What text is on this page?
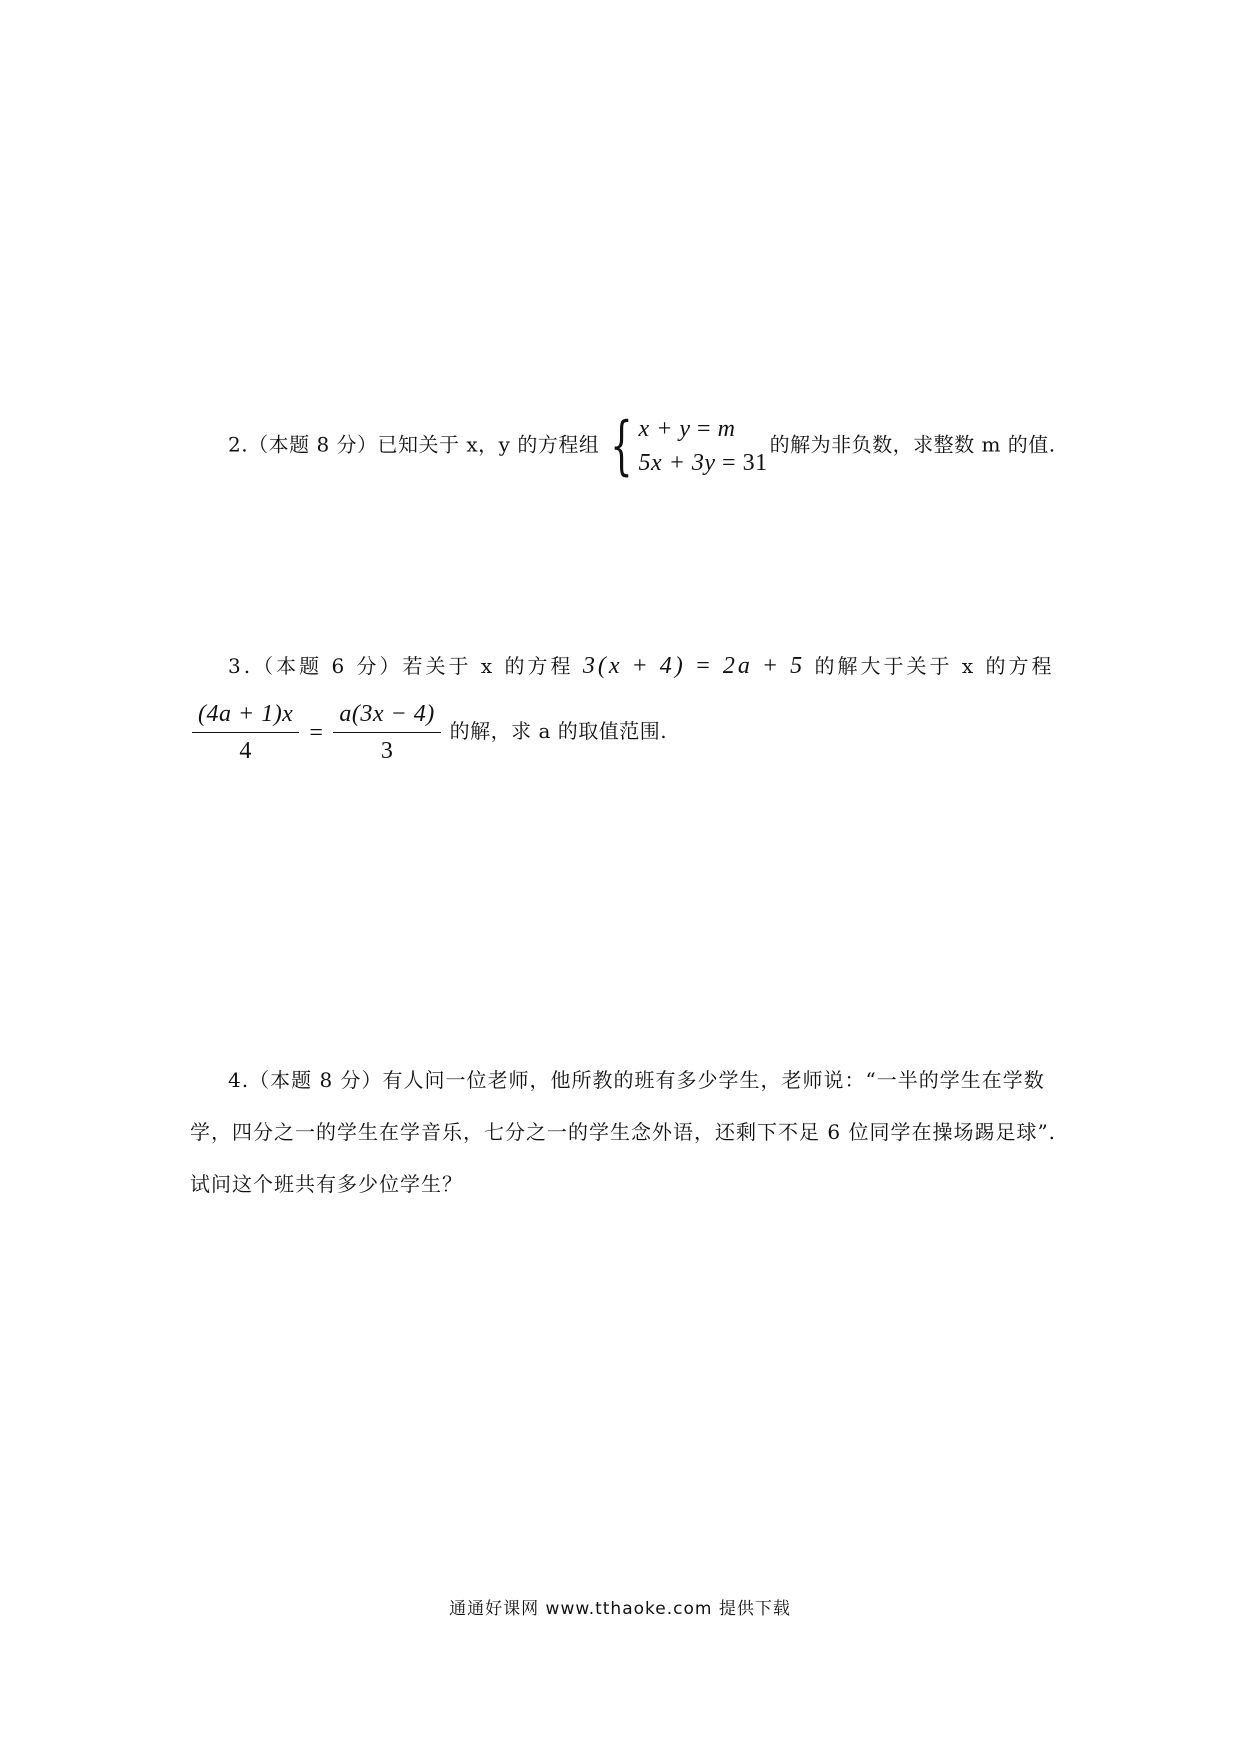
2.（本题 8 分）已知关于 x，y 的方程组 { x + y = m
5x + 3y = 31
的解为非负数，求整数 m 的值.
3.（本题 6 分）若关于 x 的方程 3(x + 4) = 2a + 5 的解大于关于 x 的方程
$\frac{(4a + 1)x}{4} = \frac{a(3x - 4)}{3}$ 的解，求 a 的取值范围.
4.（本题 8 分）有人问一位老师，他所教的班有多少学生，老师说：“一半的学生在学数学，四分之一的学生在学音乐，七分之一的学生念外语，还剩下不足 6 位同学在操场踢足球”. 试问这个班共有多少位学生？
通通好课网 www.tthaoke.com 提供下载
